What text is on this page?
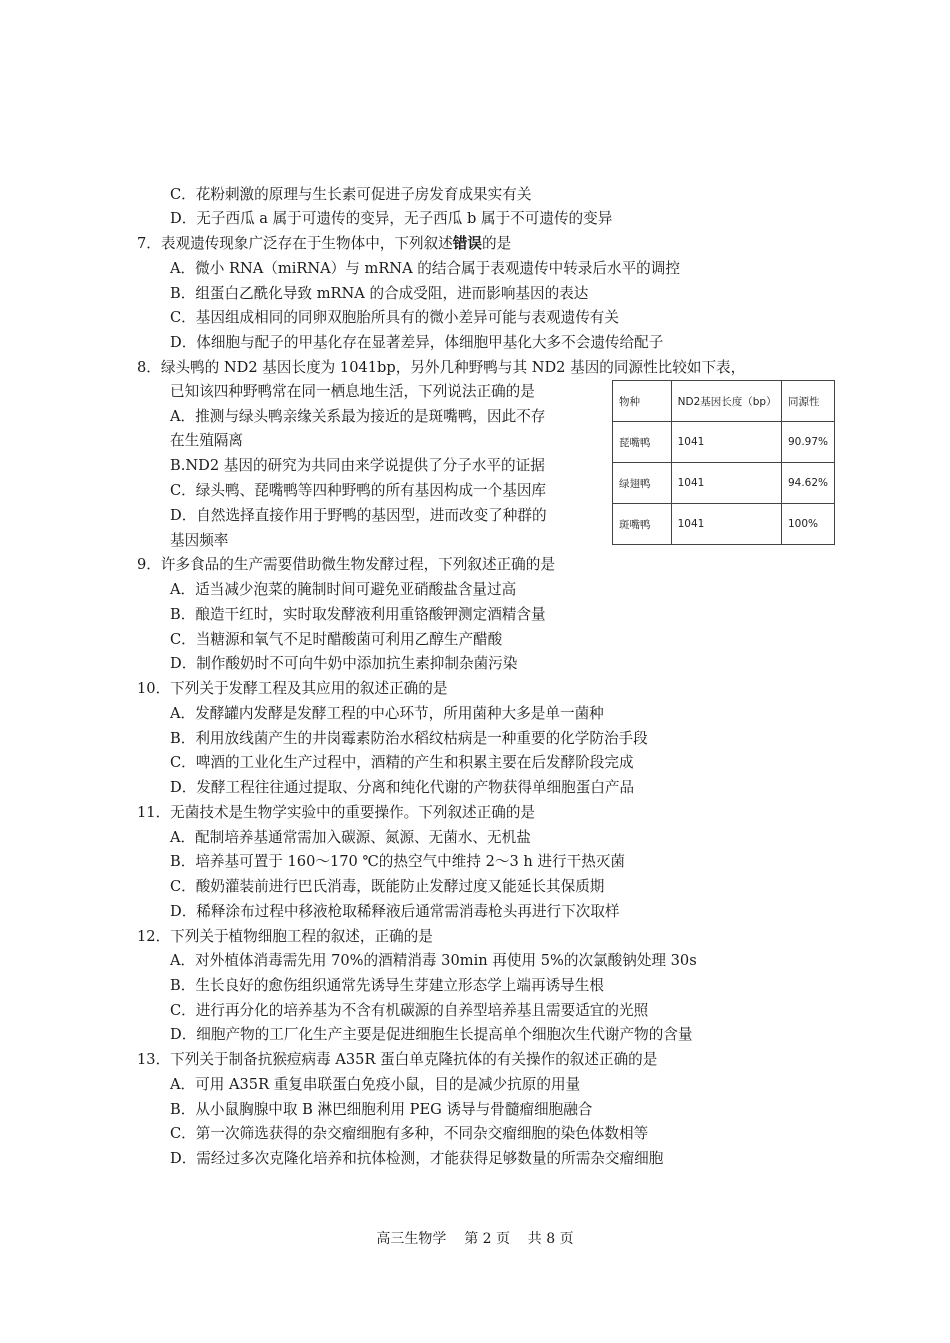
C．花粉刺激的原理与生长素可促进子房发育成果实有关
D．无子西瓜 a 属于可遗传的变异，无子西瓜 b 属于不可遗传的变异
7．表观遗传现象广泛存在于生物体中，下列叙述错误的是
A．微小 RNA（miRNA）与 mRNA 的结合属于表观遗传中转录后水平的调控
B．组蛋白乙酰化导致 mRNA 的合成受阻，进而影响基因的表达
C．基因组成相同的同卵双胞胎所具有的微小差异可能与表观遗传有关
D．体细胞与配子的甲基化存在显著差异，体细胞甲基化大多不会遗传给配子
8．绿头鸭的 ND2 基因长度为 1041bp，另外几种野鸭与其 ND2 基因的同源性比较如下表，
已知该四种野鸭常在同一栖息地生活，下列说法正确的是
A．推测与绿头鸭亲缘关系最为接近的是斑嘴鸭，因此不存
在生殖隔离
B.ND2 基因的研究为共同由来学说提供了分子水平的证据
C．绿头鸭、琵嘴鸭等四种野鸭的所有基因构成一个基因库
D．自然选择直接作用于野鸭的基因型，进而改变了种群的
基因频率
物种	ND2基因长度（bp）	同源性
琵嘴鸭	1041	90.97%
绿翅鸭	1041	94.62%
斑嘴鸭	1041	100%
9．许多食品的生产需要借助微生物发酵过程，下列叙述正确的是
A．适当减少泡菜的腌制时间可避免亚硝酸盐含量过高
B．酿造干红时，实时取发酵液利用重铬酸钾测定酒精含量
C．当糖源和氧气不足时醋酸菌可利用乙醇生产醋酸
D．制作酸奶时不可向牛奶中添加抗生素抑制杂菌污染
10．下列关于发酵工程及其应用的叙述正确的是
A．发酵罐内发酵是发酵工程的中心环节，所用菌种大多是单一菌种
B．利用放线菌产生的井岗霉素防治水稻纹枯病是一种重要的化学防治手段
C．啤酒的工业化生产过程中，酒精的产生和积累主要在后发酵阶段完成
D．发酵工程往往通过提取、分离和纯化代谢的产物获得单细胞蛋白产品
11．无菌技术是生物学实验中的重要操作。下列叙述正确的是
A．配制培养基通常需加入碳源、氮源、无菌水、无机盐
B．培养基可置于 160～170 ℃的热空气中维持 2～3 h 进行干热灭菌
C．酸奶灌装前进行巴氏消毒，既能防止发酵过度又能延长其保质期
D．稀释涂布过程中移液枪取稀释液后通常需消毒枪头再进行下次取样
12．下列关于植物细胞工程的叙述，正确的是
A．对外植体消毒需先用 70%的酒精消毒 30min 再使用 5%的次氯酸钠处理 30s
B．生长良好的愈伤组织通常先诱导生芽建立形态学上端再诱导生根
C．进行再分化的培养基为不含有机碳源的自养型培养基且需要适宜的光照
D．细胞产物的工厂化生产主要是促进细胞生长提高单个细胞次生代谢产物的含量
13．下列关于制备抗猴痘病毒 A35R 蛋白单克隆抗体的有关操作的叙述正确的是
A．可用 A35R 重复串联蛋白免疫小鼠，目的是减少抗原的用量
B．从小鼠胸腺中取 B 淋巴细胞利用 PEG 诱导与骨髓瘤细胞融合
C．第一次筛选获得的杂交瘤细胞有多种，不同杂交瘤细胞的染色体数相等
D．需经过多次克隆化培养和抗体检测，才能获得足够数量的所需杂交瘤细胞
高三生物学    第 2 页    共 8 页
